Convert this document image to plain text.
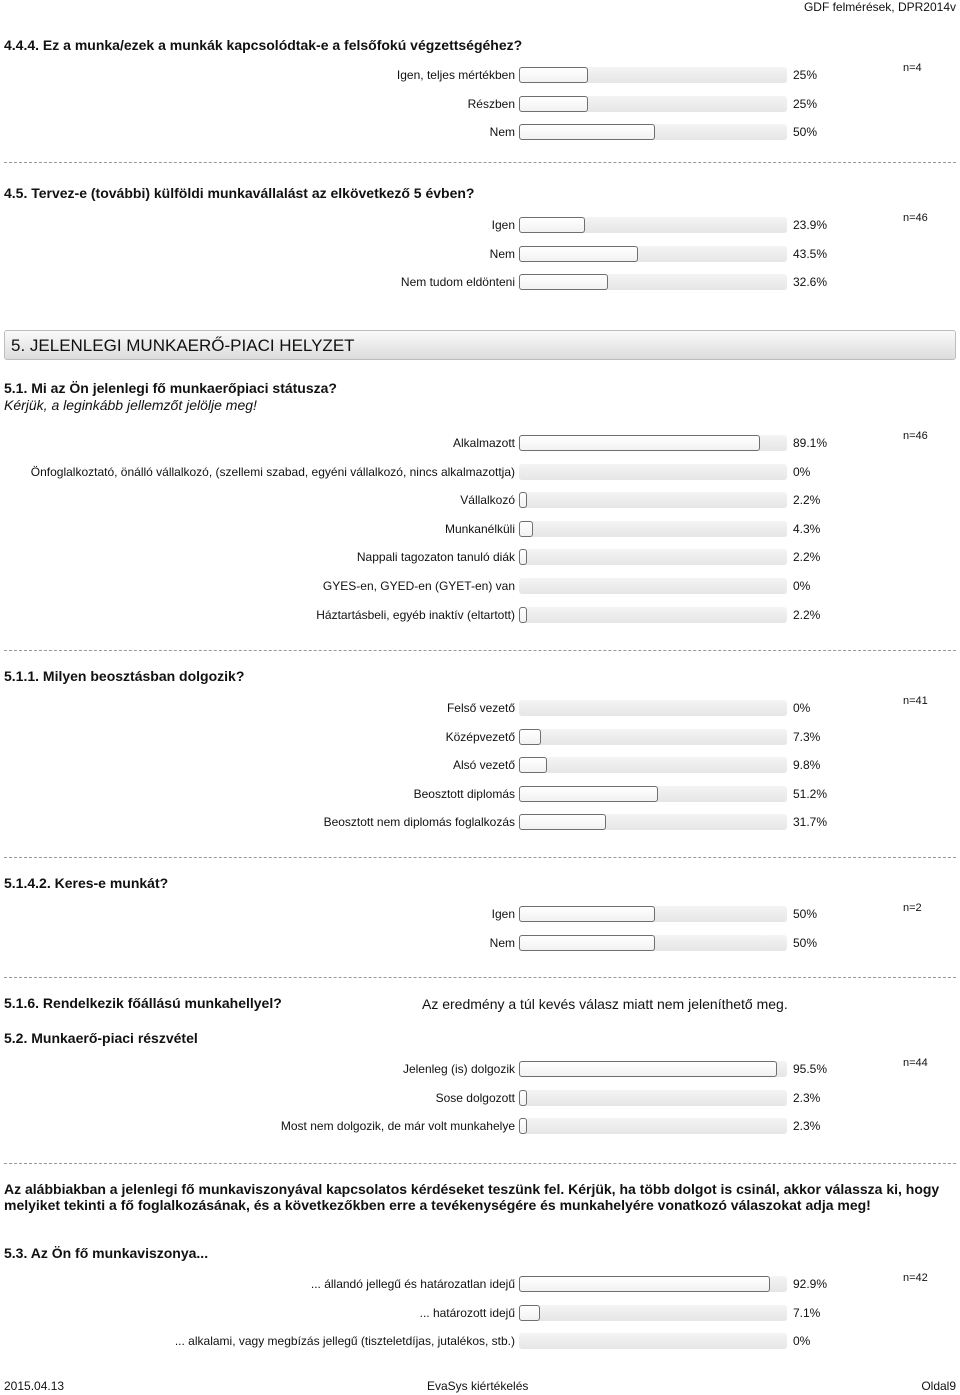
GDF felmérések, DPR2014v
4.4.4. Ez a munka/ezek a munkák kapcsolódtak-e a felsőfokú végzettségéhez?
n=4
Igen, teljes mértékben	25%
Részben	25%
Nem	50%
4.5. Tervez-e (további) külföldi munkavállalást az elkövetkező 5 évben?
n=46
Igen	23.9%
Nem	43.5%
Nem tudom eldönteni	32.6%
5. JELENLEGI MUNKAERŐ-PIACI HELYZET
5.1. Mi az Ön jelenlegi fő munkaerőpiaci státusza?
Kérjük, a leginkább jellemzőt jelölje meg!
n=46
Alkalmazott	89.1%
Önfoglalkoztató, önálló vállalkozó, (szellemi szabad, egyéni vállalkozó, nincs alkalmazottja)	0%
Vállalkozó	2.2%
Munkanélküli	4.3%
Nappali tagozaton tanuló diák	2.2%
GYES-en, GYED-en (GYET-en) van	0%
Háztartásbeli, egyéb inaktív (eltartott)	2.2%
5.1.1. Milyen beosztásban dolgozik?
n=41
Felső vezető	0%
Középvezető	7.3%
Alsó vezető	9.8%
Beosztott diplomás	51.2%
Beosztott nem diplomás foglalkozás	31.7%
5.1.4.2. Keres-e munkát?
n=2
Igen	50%
Nem	50%
5.1.6. Rendelkezik főállású munkahellyel?	Az eredmény a túl kevés válasz miatt nem jeleníthető meg.
5.2. Munkaerő-piaci részvétel
n=44
Jelenleg (is) dolgozik	95.5%
Sose dolgozott	2.3%
Most nem dolgozik, de már volt munkahelye	2.3%
Az alábbiakban a jelenlegi fő munkaviszonyával kapcsolatos kérdéseket teszünk fel. Kérjük, ha több dolgot is csinál, akkor válassza ki, hogy melyiket tekinti a fő foglalkozásának, és a következőkben erre a tevékenységére és munkahelyére vonatkozó válaszokat adja meg!
5.3. Az Ön fő munkaviszonya...
n=42
... állandó jellegű és határozatlan idejű	92.9%
... határozott idejű	7.1%
... alkalami, vagy megbízás jellegű (tiszteletdíjas, jutalékos, stb.)	0%
2015.04.13	EvaSys kiértékelés	Oldal9
